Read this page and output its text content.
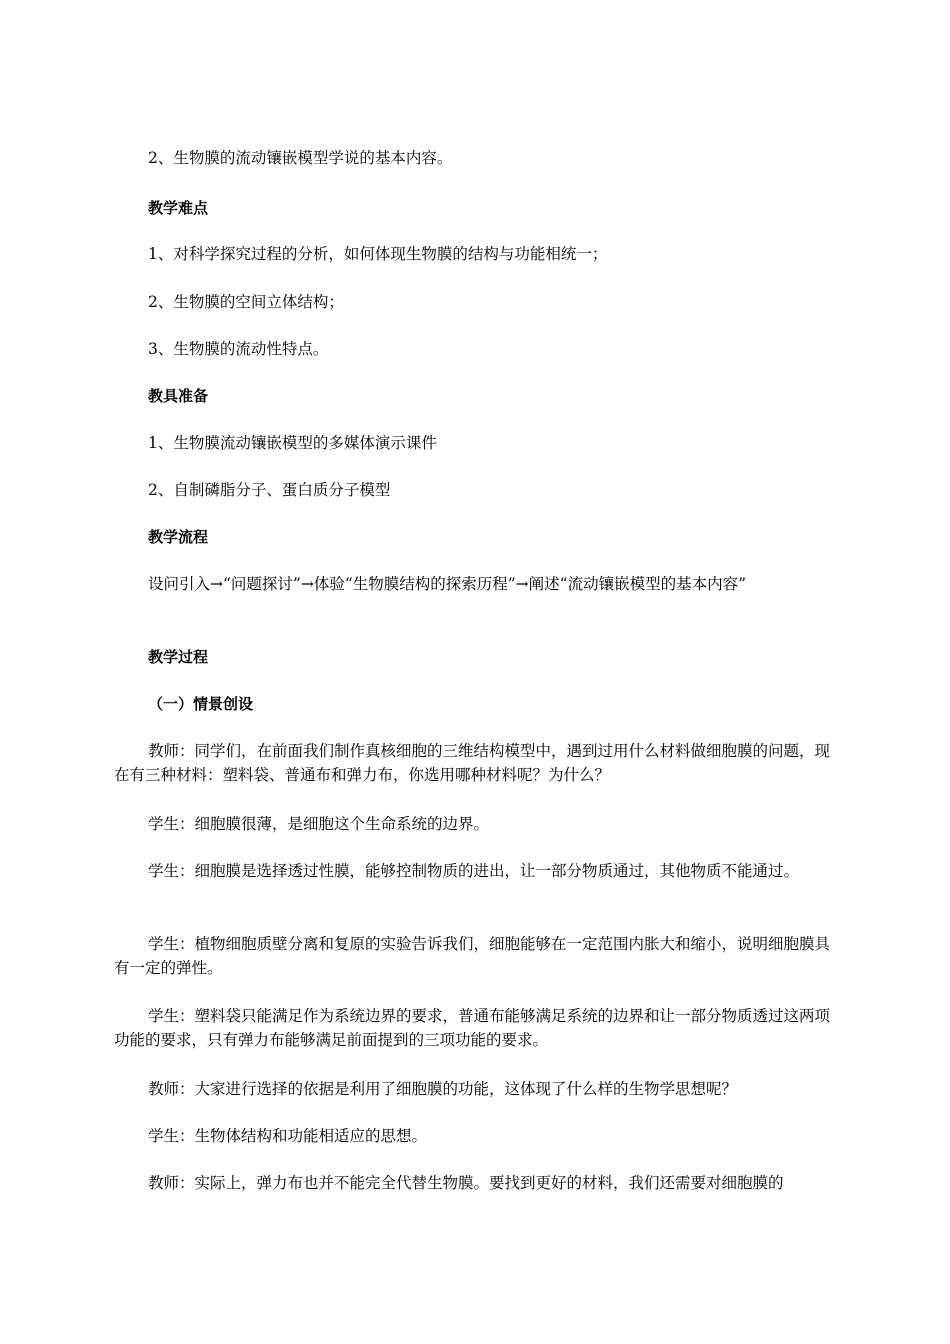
2、生物膜的流动镶嵌模型学说的基本内容。
教学难点
1、对科学探究过程的分析，如何体现生物膜的结构与功能相统一；
2、生物膜的空间立体结构；
3、生物膜的流动性特点。
教具准备
1、生物膜流动镶嵌模型的多媒体演示课件
2、自制磷脂分子、蛋白质分子模型
教学流程
设问引入→“问题探讨”→体验“生物膜结构的探索历程”→阐述“流动镶嵌模型的基本内容”
教学过程
（一）情景创设
教师：同学们，在前面我们制作真核细胞的三维结构模型中，遇到过用什么材料做细胞膜的问题，现在有三种材料：塑料袋、普通布和弹力布，你选用哪种材料呢？为什么？
学生：细胞膜很薄，是细胞这个生命系统的边界。
学生：细胞膜是选择透过性膜，能够控制物质的进出，让一部分物质通过，其他物质不能通过。
学生：植物细胞质壁分离和复原的实验告诉我们，细胞能够在一定范围内胀大和缩小，说明细胞膜具有一定的弹性。
学生：塑料袋只能满足作为系统边界的要求，普通布能够满足系统的边界和让一部分物质透过这两项功能的要求，只有弹力布能够满足前面提到的三项功能的要求。
教师：大家进行选择的依据是利用了细胞膜的功能，这体现了什么样的生物学思想呢？
学生：生物体结构和功能相适应的思想。
教师：实际上，弹力布也并不能完全代替生物膜。要找到更好的材料，我们还需要对细胞膜的
